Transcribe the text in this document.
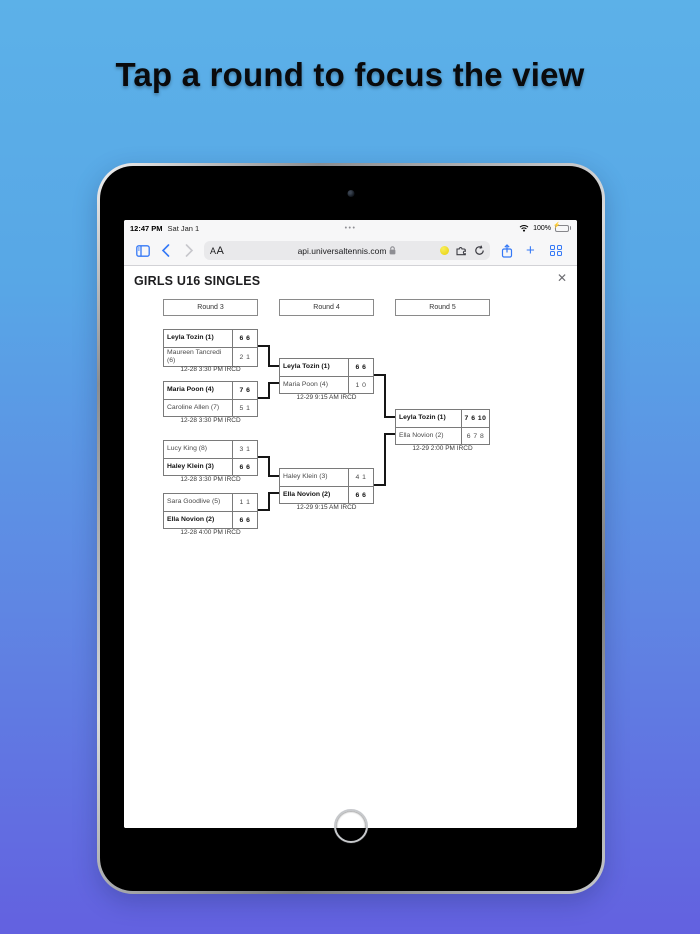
Tap a round to focus the view
12:47 PM Sat Jan 1	•••	100% ⚡
AA	api.universaltennis.com	+
GIRLS U16 SINGLES	✕
Round 3	Round 4	Round 5
Leyla Tozin (1)	6 6
Maureen Tancredi (6)	2 1
12-28 3:30 PM IRCD
Maria Poon (4)	7 6
Caroline Allen (7)	5 1
12-28 3:30 PM IRCD
Lucy King (8)	3 1
Haley Klein (3)	6 6
12-28 3:30 PM IRCD
Sara Goodlive (5)	1 1
Ella Novion (2)	6 6
12-28 4:00 PM IRCD
Leyla Tozin (1)	6 6
Maria Poon (4)	1 0
12-29 9:15 AM IRCD
Haley Klein (3)	4 1
Ella Novion (2)	6 6
12-29 9:15 AM IRCD
Leyla Tozin (1)	7 6 10
Ella Novion (2)	6 7 8
12-29 2:00 PM IRCD
